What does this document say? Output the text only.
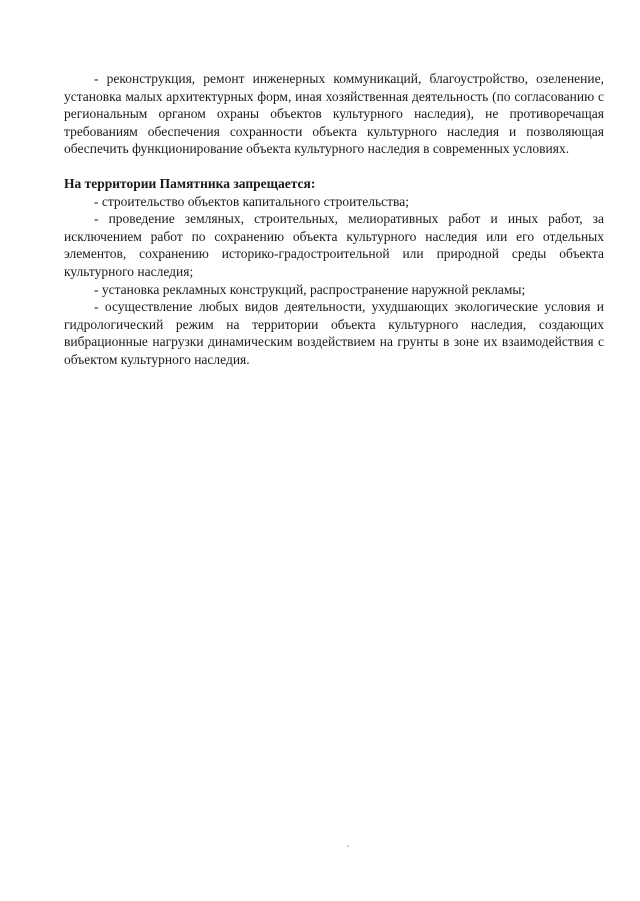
- реконструкция, ремонт инженерных коммуникаций, благоустройство, озеленение, установка малых архитектурных форм, иная хозяйственная деятельность (по согласованию с региональным органом охраны объектов культурного наследия), не противоречащая требованиям обеспечения сохранности объекта культурного наследия и позволяющая обеспечить функционирование объекта культурного наследия в современных условиях.

На территории Памятника запрещается:

- строительство объектов капитального строительства;

- проведение земляных, строительных, мелиоративных работ и иных работ, за исключением работ по сохранению объекта культурного наследия или его отдельных элементов, сохранению историко-градостроительной или природной среды объекта культурного наследия;

- установка рекламных конструкций, распространение наружной рекламы;

- осуществление любых видов деятельности, ухудшающих экологические условия и гидрологический режим на территории объекта культурного наследия, создающих вибрационные нагрузки динамическим воздействием на грунты в зоне их взаимодействия с объектом культурного наследия.
